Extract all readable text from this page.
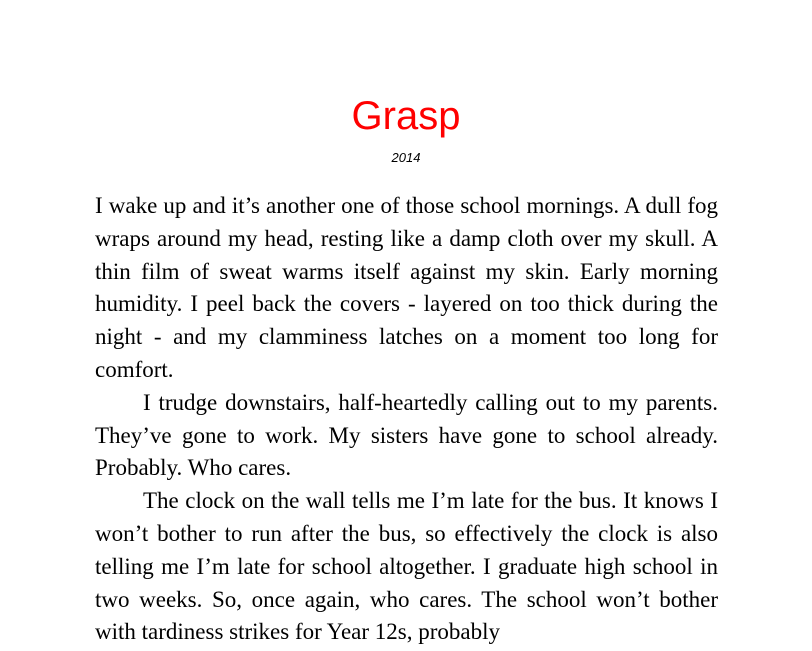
Grasp
2014

I wake up and it’s another one of those school mornings. A dull fog wraps around my head, resting like a damp cloth over my skull. A thin film of sweat warms itself against my skin. Early morning humidity. I peel back the covers - layered on too thick during the night - and my clamminess latches on a moment too long for comfort.

I trudge downstairs, half-heartedly calling out to my parents. They’ve gone to work. My sisters have gone to school already. Probably. Who cares.

The clock on the wall tells me I’m late for the bus. It knows I won’t bother to run after the bus, so effectively the clock is also telling me I’m late for school altogether. I graduate high school in two weeks. So, once again, who cares. The school won’t bother with tardiness strikes for Year 12s, probably
